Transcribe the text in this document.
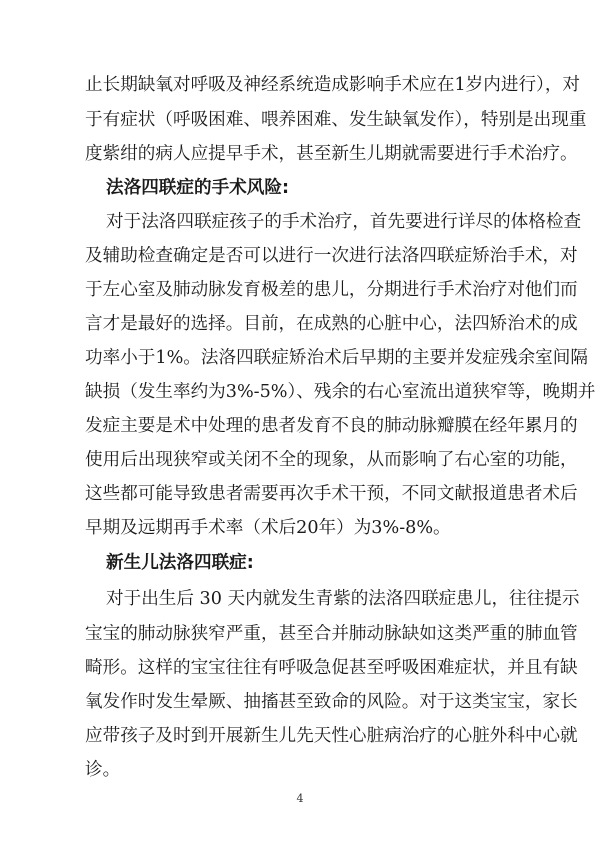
止长期缺氧对呼吸及神经系统造成影响手术应在1岁内进行），对
于有症状（呼吸困难、喂养困难、发生缺氧发作），特别是出现重
度紫绀的病人应提早手术，甚至新生儿期就需要进行手术治疗。
法洛四联症的手术风险:
对于法洛四联症孩子的手术治疗，首先要进行详尽的体格检查
及辅助检查确定是否可以进行一次进行法洛四联症矫治手术，对
于左心室及肺动脉发育极差的患儿，分期进行手术治疗对他们而
言才是最好的选择。目前，在成熟的心脏中心，法四矫治术的成
功率小于1%。法洛四联症矫治术后早期的主要并发症残余室间隔
缺损（发生率约为3%-5%）、残余的右心室流出道狭窄等，晚期并
发症主要是术中处理的患者发育不良的肺动脉瓣膜在经年累月的
使用后出现狭窄或关闭不全的现象，从而影响了右心室的功能，
这些都可能导致患者需要再次手术干预，不同文献报道患者术后
早期及远期再手术率（术后20年）为3%-8%。
新生儿法洛四联症:
对于出生后 30 天内就发生青紫的法洛四联症患儿，往往提示
宝宝的肺动脉狭窄严重，甚至合并肺动脉缺如这类严重的肺血管
畸形。这样的宝宝往往有呼吸急促甚至呼吸困难症状，并且有缺
氧发作时发生晕厥、抽搐甚至致命的风险。对于这类宝宝，家长
应带孩子及时到开展新生儿先天性心脏病治疗的心脏外科中心就
诊。
4
